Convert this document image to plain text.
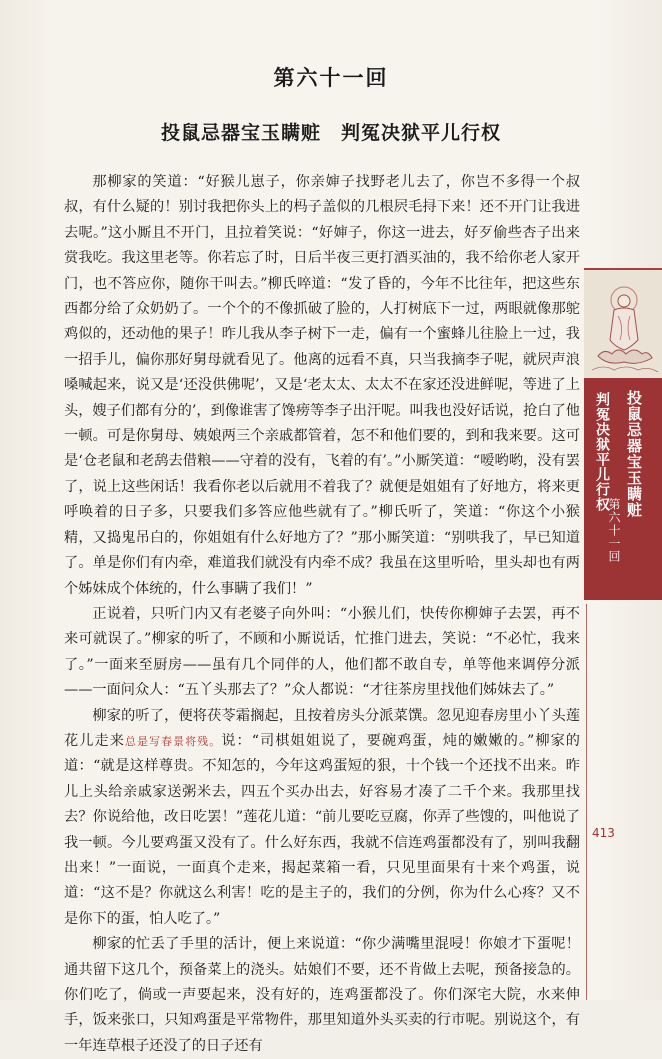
第六十一回
投鼠忌器宝玉瞒赃　判冤决狱平儿行权

那柳家的笑道：“好猴儿崽子，你亲婶子找野老儿去了，你岂不多得一个叔叔，有什么疑的！别讨我把你头上的杩子盖似的几根屄毛挦下来！还不开门让我进去呢。”这小厮且不开门，且拉着笑说：“好婶子，你这一进去，好歹偷些杏子出来赏我吃。我这里老等。你若忘了时，日后半夜三更打酒买油的，我不给你老人家开门，也不答应你，随你干叫去。”柳氏啐道：“发了昏的，今年不比往年，把这些东西都分给了众奶奶了。一个个的不像抓破了脸的，人打树底下一过，两眼就像那鸵鸡似的，还动他的果子！昨儿我从李子树下一走，偏有一个蜜蜂儿往脸上一过，我一招手儿，偏你那好舅母就看见了。他离的远看不真，只当我摘李子呢，就屄声浪嗓喊起来，说又是‘还没供佛呢’，又是‘老太太、太太不在家还没进鲜呢，等进了上头，嫂子们都有分的’，到像谁害了馋痨等李子出汗呢。叫我也没好话说，抢白了他一顿。可是你舅母、姨娘两三个亲戚都管着，怎不和他们要的，到和我来要。这可是‘仓老鼠和老鸹去借粮——守着的没有，飞着的有’。”小厮笑道：“嗳哟哟，没有罢了，说上这些闲话！我看你老以后就用不着我了？就便是姐姐有了好地方，将来更呼唤着的日子多，只要我们多答应他些就有了。”柳氏听了，笑道：“你这个小猴精，又捣鬼吊白的，你姐姐有什么好地方了？”那小厮笑道：“别哄我了，早已知道了。单是你们有内牵，难道我们就没有内牵不成？我虽在这里听哈，里头却也有两个姊妹成个体统的，什么事瞒了我们！”

正说着，只听门内又有老婆子向外叫：“小猴儿们，快传你柳婶子去罢，再不来可就误了。”柳家的听了，不顾和小厮说话，忙推门进去，笑说：“不必忙，我来了。”一面来至厨房——虽有几个同伴的人，他们都不敢自专，单等他来调停分派——一面问众人：“五丫头那去了？”众人都说：“才往茶房里找他们姊妹去了。”

柳家的听了，便将茯苓霜搁起，且按着房头分派菜馔。忽见迎春房里小丫头莲花儿走来总是写春景将残。说：“司棋姐姐说了，要碗鸡蛋，炖的嫩嫩的。”柳家的道：“就是这样尊贵。不知怎的，今年这鸡蛋短的狠，十个钱一个还找不出来。昨儿上头给亲戚家送粥米去，四五个买办出去，好容易才凑了二千个来。我那里找去？你说给他，改日吃罢！”莲花儿道：“前儿要吃豆腐，你弄了些馊的，叫他说了我一顿。今儿要鸡蛋又没有了。什么好东西，我就不信连鸡蛋都没有了，别叫我翻出来！”一面说，一面真个走来，揭起菜箱一看，只见里面果有十来个鸡蛋，说道：“这不是？你就这么利害！吃的是主子的，我们的分例，你为什么心疼？又不是你下的蛋，怕人吃了。”

柳家的忙丢了手里的活计，便上来说道：“你少满嘴里混唚！你娘才下蛋呢！通共留下这几个，预备菜上的浇头。姑娘们不要，还不肯做上去呢，预备接急的。你们吃了，倘或一声要起来，没有好的，连鸡蛋都没了。你们深宅大院，水来伸手，饭来张口，只知鸡蛋是平常物件，那里知道外头买卖的行市呢。别说这个，有一年连草根子还没了的日子还有

投鼠忌器宝玉瞒赃
判冤决狱平儿行权
第六十一回
413
